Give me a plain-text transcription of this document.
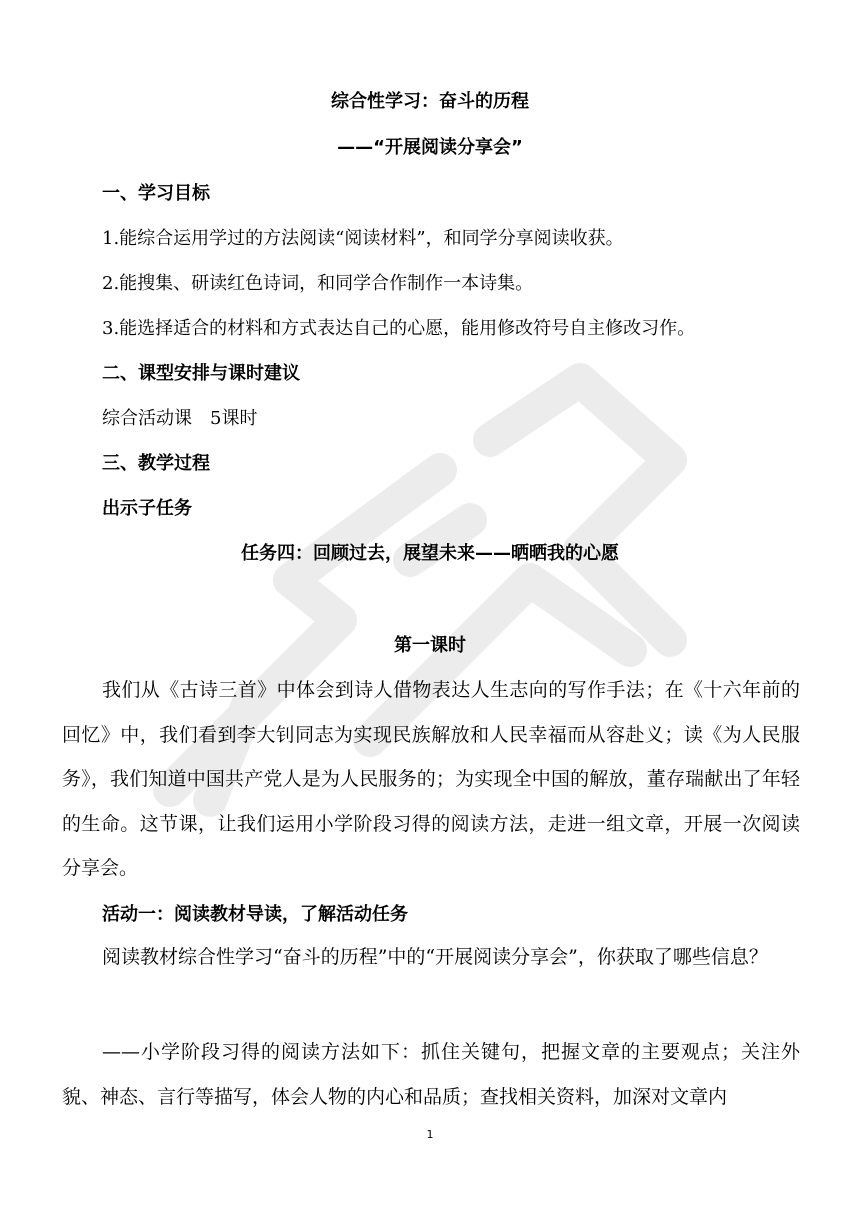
综合性学习：奋斗的历程
——“开展阅读分享会”
一、学习目标
1.能综合运用学过的方法阅读“阅读材料”，和同学分享阅读收获。
2.能搜集、研读红色诗词，和同学合作制作一本诗集。
3.能选择适合的材料和方式表达自己的心愿，能用修改符号自主修改习作。
二、课型安排与课时建议
综合活动课　5课时
三、教学过程
出示子任务
任务四：回顾过去，展望未来——晒晒我的心愿
第一课时
我们从《古诗三首》中体会到诗人借物表达人生志向的写作手法；在《十六年前的回忆》中，我们看到李大钊同志为实现民族解放和人民幸福而从容赴义；读《为人民服务》，我们知道中国共产党人是为人民服务的；为实现全中国的解放，董存瑞献出了年轻的生命。这节课，让我们运用小学阶段习得的阅读方法，走进一组文章，开展一次阅读分享会。
活动一：阅读教材导读，了解活动任务
阅读教材综合性学习“奋斗的历程”中的“开展阅读分享会”，你获取了哪些信息？
——小学阶段习得的阅读方法如下：抓住关键句，把握文章的主要观点；关注外貌、神态、言行等描写，体会人物的内心和品质；查找相关资料，加深对文章内
1
